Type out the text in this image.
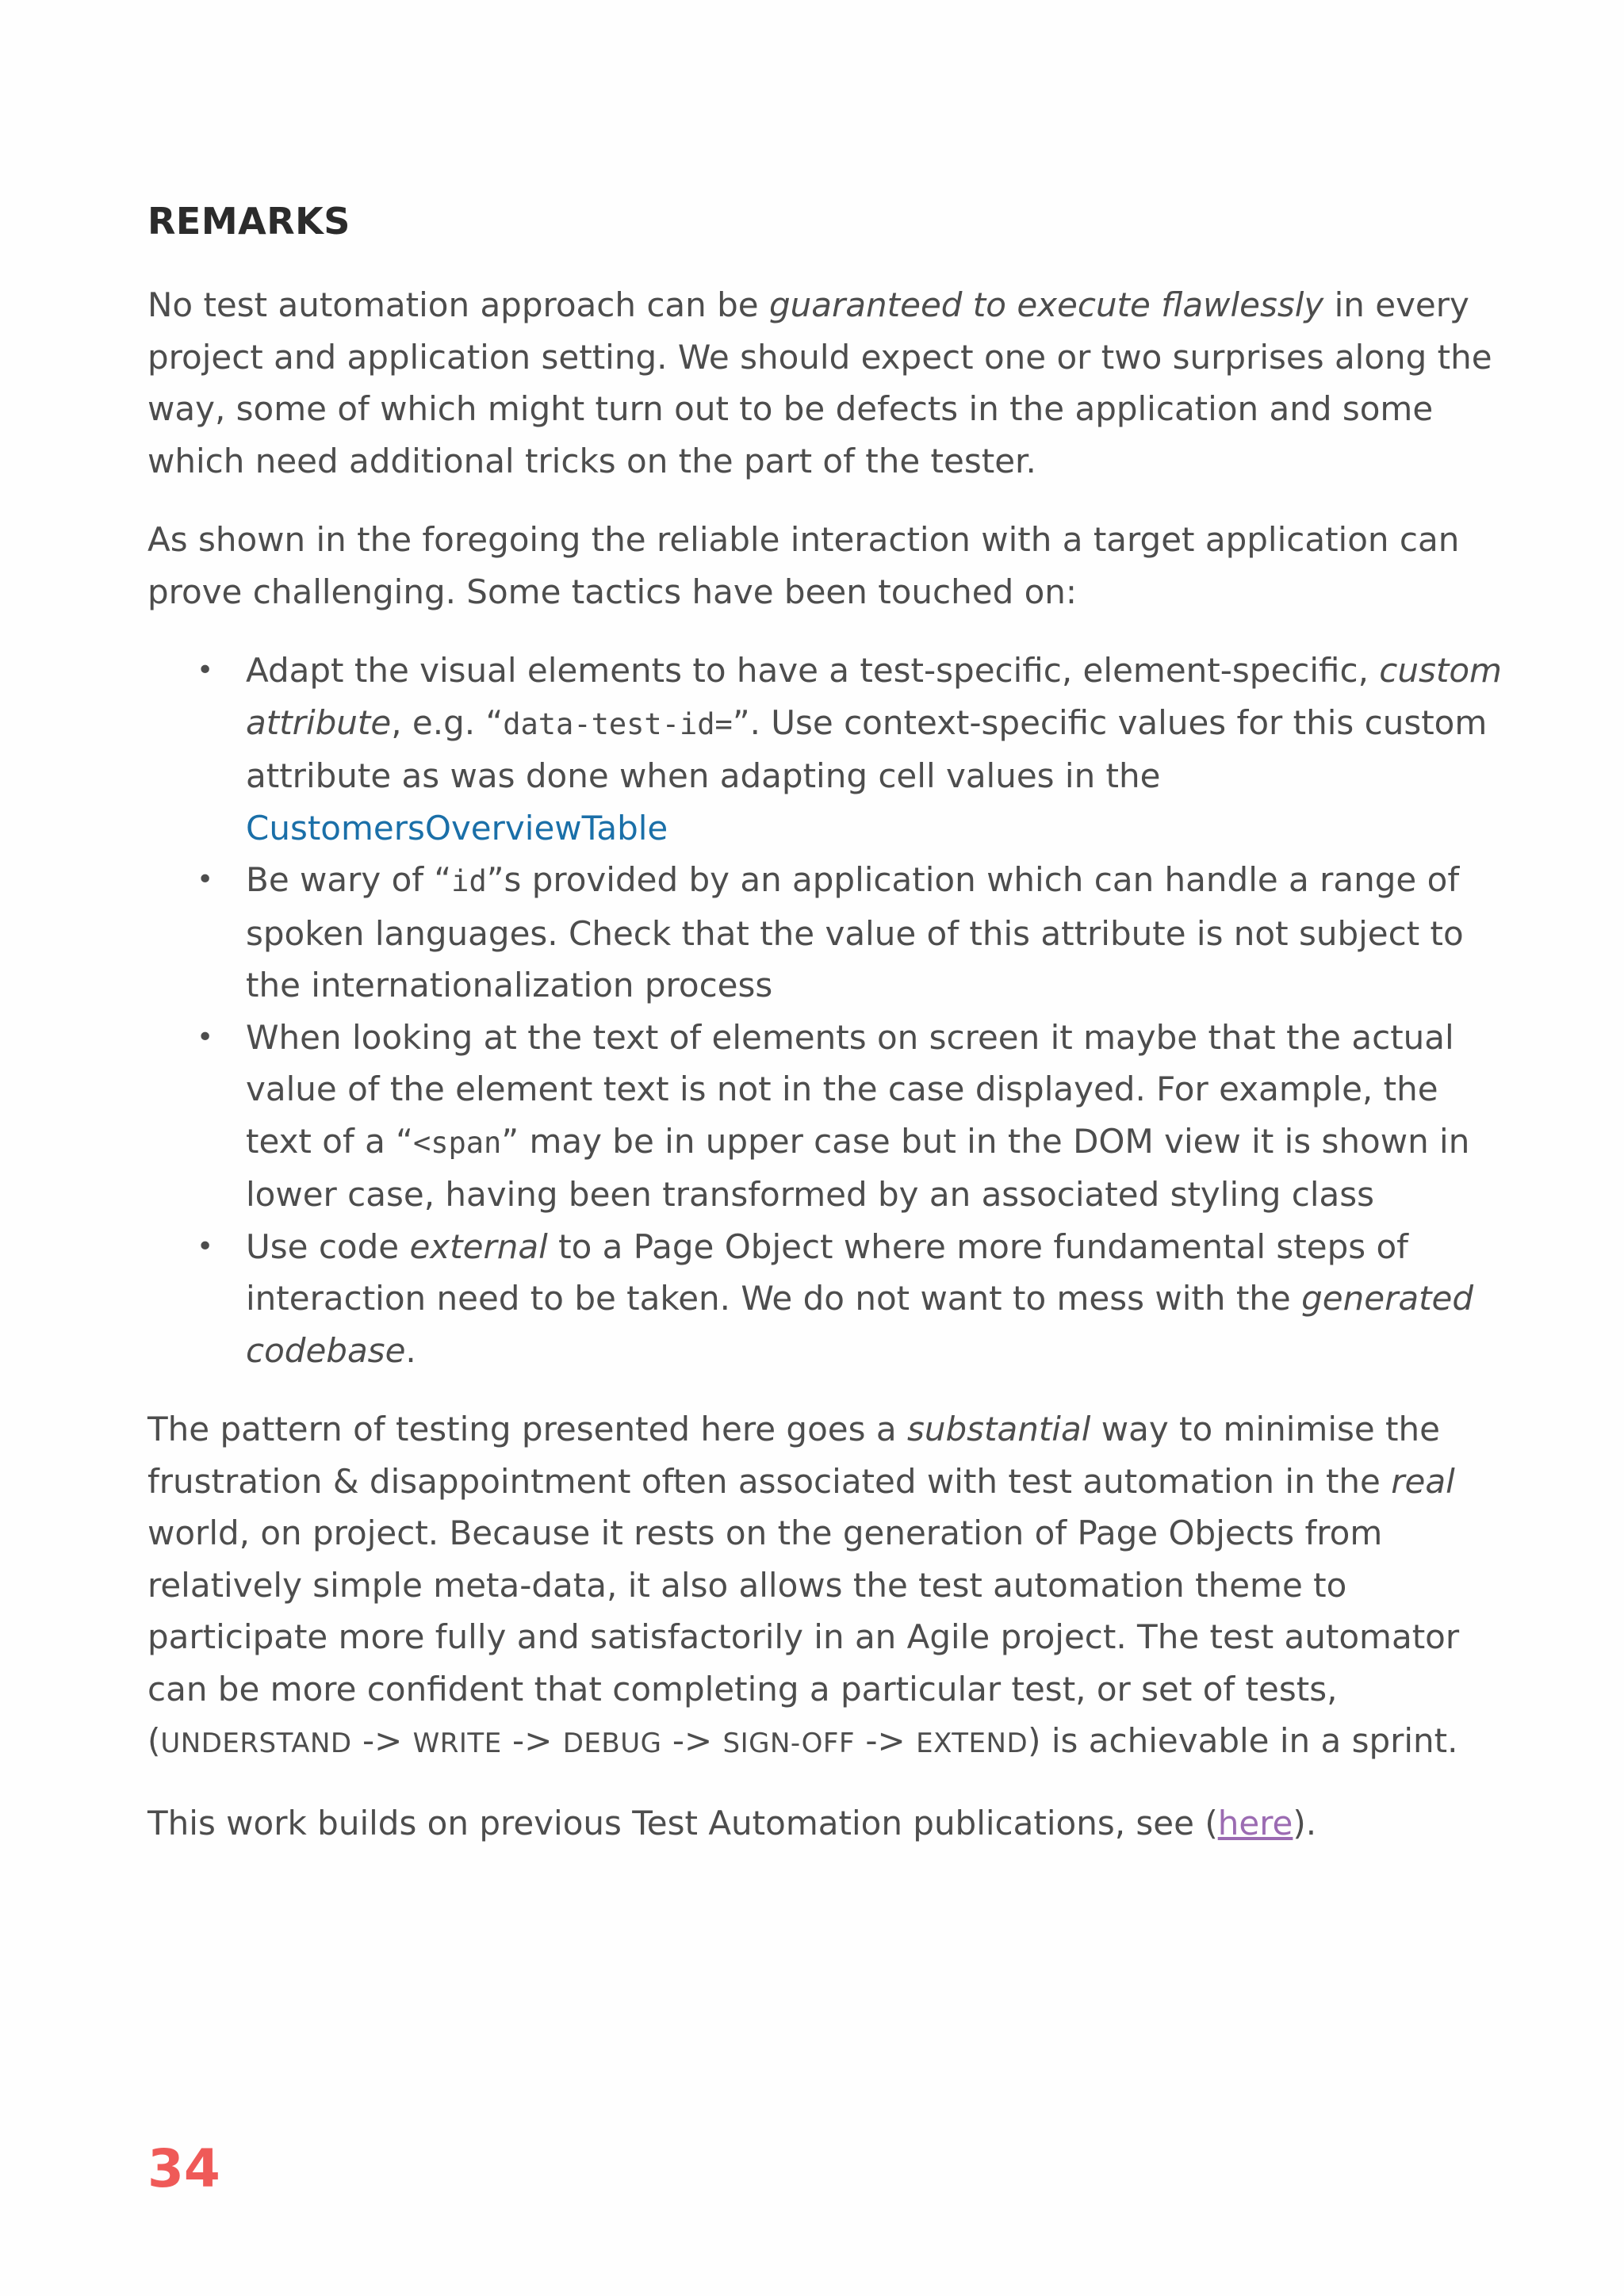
REMARKS

No test automation approach can be guaranteed to execute flawlessly in every project and application setting. We should expect one or two surprises along the way, some of which might turn out to be defects in the application and some which need additional tricks on the part of the tester.

As shown in the foregoing the reliable interaction with a target application can prove challenging. Some tactics have been touched on:

• Adapt the visual elements to have a test-specific, element-specific, custom attribute, e.g. “data-test-id=”. Use context-specific values for this custom attribute as was done when adapting cell values in the CustomersOverviewTable
• Be wary of “id”s provided by an application which can handle a range of spoken languages. Check that the value of this attribute is not subject to the internationalization process
• When looking at the text of elements on screen it maybe that the actual value of the element text is not in the case displayed. For example, the text of a “<span” may be in upper case but in the DOM view it is shown in lower case, having been transformed by an associated styling class
• Use code external to a Page Object where more fundamental steps of interaction need to be taken. We do not want to mess with the generated codebase.

The pattern of testing presented here goes a substantial way to minimise the frustration & disappointment often associated with test automation in the real world, on project. Because it rests on the generation of Page Objects from relatively simple meta-data, it also allows the test automation theme to participate more fully and satisfactorily in an Agile project. The test automator can be more confident that completing a particular test, or set of tests, (UNDERSTAND -> WRITE -> DEBUG -> SIGN-OFF -> EXTEND) is achievable in a sprint.

This work builds on previous Test Automation publications, see (here).

34
